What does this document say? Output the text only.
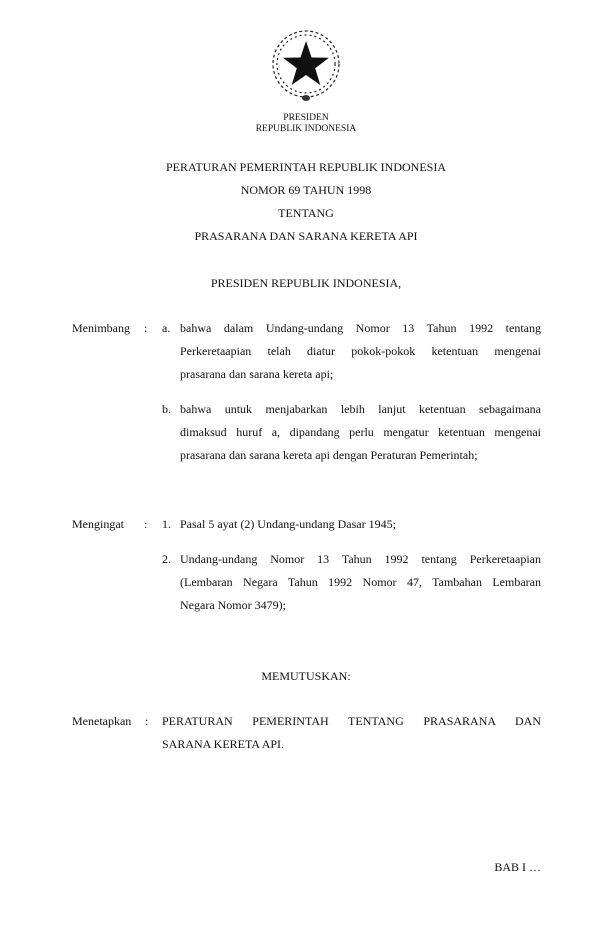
PRESIDEN
REPUBLIK INDONESIA
PERATURAN PEMERINTAH REPUBLIK INDONESIA
NOMOR 69 TAHUN 1998
TENTANG
PRASARANA DAN SARANA KERETA API
PRESIDEN REPUBLIK INDONESIA,
Menimbang : a. bahwa dalam Undang-undang Nomor 13 Tahun 1992 tentang
Perkeretaapian telah diatur pokok-pokok ketentuan mengenai
prasarana dan sarana kereta api;
b. bahwa untuk menjabarkan lebih lanjut ketentuan sebagaimana
dimaksud huruf a, dipandang perlu mengatur ketentuan mengenai
prasarana dan sarana kereta api dengan Peraturan Pemerintah;
Mengingat : 1. Pasal 5 ayat (2) Undang-undang Dasar 1945;
2. Undang-undang Nomor 13 Tahun 1992 tentang Perkeretaapian
(Lembaran Negara Tahun 1992 Nomor 47, Tambahan Lembaran
Negara Nomor 3479);
MEMUTUSKAN:
Menetapkan : PERATURAN PEMERINTAH TENTANG PRASARANA DAN
SARANA KERETA API.
BAB I …
